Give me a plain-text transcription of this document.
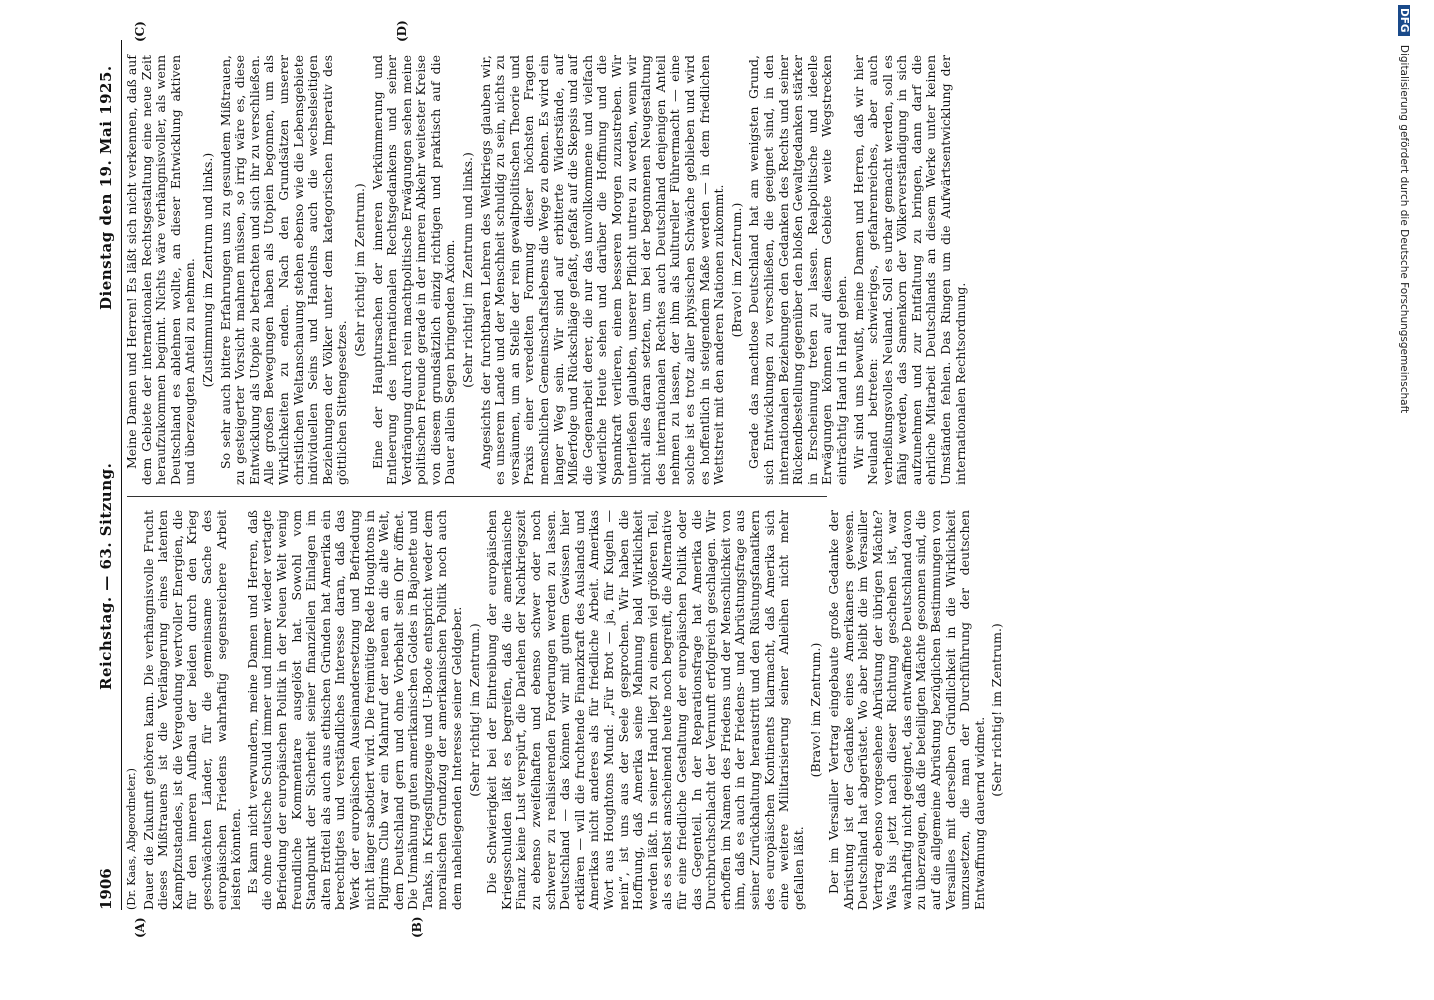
1906
Reichstag. — 63. Sitzung.
Dienstag den 19. Mai 1925.
(A)	(B)
(C)	(D)
(Dr. Kaas, Abgeordneter.) Dauer die Zukunft gehören kann. Die verhängnisvolle Frucht dieses Mißtrauens ist die Verlängerung eines latenten Kampfzustandes, ist die Vergeudung wertvoller Energien, die für den inneren Aufbau der beiden durch den Krieg geschwächten Länder, für die gemeinsame Sache des europäischen Friedens wahrhaftig segensreichere Arbeit leisten könnten. Es kann nicht verwundern, meine Damen und Herren, daß die ohne deutsche Schuld immer und immer wieder vertagte Befriedung der europäischen Politik in der Neuen Welt wenig freundliche Kommentare ausgelöst hat. Sowohl vom Standpunkt der Sicherheit seiner finanziellen Einlagen im alten Erdteil als auch aus ethischen Gründen hat Amerika ein berechtigtes und verständliches Interesse daran, daß das Werk der europäischen Auseinandersetzung und Befriedung nicht länger sabotiert wird. Die freimütige Rede Houghtons in Pilgrims Club war ein Mahnruf der neuen an die alte Welt, dem Deutschland gern und ohne Vorbehalt sein Ohr öffnet. Die Umnähung guten amerikanischen Goldes in Bajonette und Tanks, in Kriegsflugzeuge und U-Boote entspricht weder dem moralischen Grundzug der amerikanischen Politik noch auch dem naheliegenden Interesse seiner Geldgeber. (Sehr richtig! im Zentrum.) Die Schwierigkeit bei der Eintreibung der europäischen Kriegsschulden läßt es begreifen, daß die amerikanische Finanz keine Lust verspürt, die Darlehen der Nachkriegszeit zu ebenso zweifelhaften und ebenso schwer oder noch schwerer zu realisierenden Forderungen werden zu lassen. Deutschland — das können wir mit gutem Gewissen hier erklären — will die fruchtende Finanzkraft des Auslands und Amerikas nicht anderes als für friedliche Arbeit. Amerikas Wort aus Houghtons Mund: „Für Brot — ja, für Kugeln — nein“, ist uns aus der Seele gesprochen. Wir haben die Hoffnung, daß Amerika seine Mahnung bald Wirklichkeit werden läßt. In seiner Hand liegt zu einem viel größeren Teil, als es selbst anscheinend heute noch begreift, die Alternative für eine friedliche Gestaltung der europäischen Politik oder das Gegenteil. In der Reparationsfrage hat Amerika die Durchbruchschlacht der Vernunft erfolgreich geschlagen. Wir erhoffen im Namen des Friedens und der Menschlichkeit von ihm, daß es auch in der Friedens- und Abrüstungsfrage aus seiner Zurückhaltung heraustritt und den Rüstungsfanatikern des europäischen Kontinents klarmacht, daß Amerika sich eine weitere Militarisierung seiner Anleihen nicht mehr gefallen läßt.

(Bravo! im Zentrum.) Der im Versailler Vertrag eingebaute große Gedanke der Abrüstung ist der Gedanke eines Amerikaners gewesen. Deutschland hat abgerüstet. Wo aber bleibt die im Versailler Vertrag ebenso vorgesehene Abrüstung der übrigen Mächte? Was bis jetzt nach dieser Richtung geschehen ist, war wahrhaftig nicht geeignet, das entwaffnete Deutschland davon zu überzeugen, daß die beteiligten Mächte gesonnen sind, die auf die allgemeine Abrüstung bezüglichen Bestimmungen von Versailles mit derselben Gründlichkeit in die Wirklichkeit umzusetzen, die man der Durchführung der deutschen Entwaffnung dauernd widmet.

(Sehr richtig! im Zentrum.)

Meine Damen und Herren! Es läßt sich nicht verkennen, daß auf dem Gebiete der internationalen Rechtsgestaltung eine neue Zeit heraufzukommen beginnt. Nichts wäre verhängnisvoller, als wenn Deutschland es ablehnen wollte, an dieser Entwicklung aktiven und überzeugten Anteil zu nehmen. (Zustimmung im Zentrum und links.) So sehr auch bittere Erfahrungen uns zu gesundem Mißtrauen, zu gesteigerter Vorsicht mahnen müssen, so irrig wäre es, diese Entwicklung als Utopie zu betrachten und sich ihr zu verschließen. Alle großen Bewegungen haben als Utopien begonnen, um als Wirklichkeiten zu enden. Nach den Grundsätzen unserer christlichen Weltanschauung stehen ebenso wie die Lebensgebiete individuellen Seins und Handelns auch die wechselseitigen Beziehungen der Völker unter dem kategorischen Imperativ des göttlichen Sittengesetzes.

(Sehr richtig! im Zentrum.) Eine der Hauptursachen der inneren Verkümmerung und Entleerung des internationalen Rechtsgedankens und seiner Verdrängung durch rein machtpolitische Erwägungen sehen meine politischen Freunde gerade in der inneren Abkehr weitester Kreise von diesem grundsätzlich einzig richtigen und praktisch auf die Dauer allein Segen bringenden Axiom. (Sehr richtig! im Zentrum und links.) Angesichts der furchtbaren Lehren des Weltkriegs glauben wir, es unserem Lande und der Menschheit schuldig zu sein, nichts zu versäumen, um an Stelle der rein gewaltpolitischen Theorie und Praxis einer veredelten Formung dieser höchsten Fragen menschlichen Gemeinschaftslebens die Wege zu ebnen. Es wird ein langer Weg sein. Wir sind auf erbitterte Widerstände, auf Mißerfolge und Rückschläge gefaßt, gefaßt auf die Skepsis und auf die Gegenarbeit derer, die nur das unvollkommene und vielfach widerliche Heute sehen und darüber die Hoffnung und die Spannkraft verlieren, einem besseren Morgen zuzustreben. Wir unterließen glaubten, unserer Pflicht untreu zu werden, wenn wir nicht alles daran setzten, um bei der begonnenen Neugestaltung des internationalen Rechtes auch Deutschland denjenigen Anteil nehmen zu lassen, der ihm als kultureller Führermacht — eine solche ist es trotz aller physischen Schwäche geblieben und wird es hoffentlich in steigendem Maße werden — in dem friedlichen Wettstreit mit den anderen Nationen zukommt. (Bravo! im Zentrum.) Gerade das machtlose Deutschland hat am wenigsten Grund, sich Entwicklungen zu verschließen, die geeignet sind, in den internationalen Beziehungen den Gedanken des Rechts und seiner Rückendbestellung gegenüber den bloßen Gewaltgedanken stärker in Erscheinung treten zu lassen. Realpolitische und ideelle Erwägungen können auf diesem Gebiete weite Wegstrecken einträchtig Hand in Hand gehen. Wir sind uns bewußt, meine Damen und Herren, daß wir hier Neuland betreten: schwieriges, gefahrenreiches, aber auch verheißungsvolles Neuland. Soll es urbar gemacht werden, soll es fähig werden, das Samenkorn der Völkerverständigung in sich aufzunehmen und zur Entfaltung zu bringen, dann darf die ehrliche Mitarbeit Deutschlands an diesem Werke unter keinen Umständen fehlen. Das Ringen um die Aufwärtsentwicklung der internationalen Rechtsordnung.

DFG Digitalisierung gefördert durch die Deutsche Forschungsgemeinschaft
